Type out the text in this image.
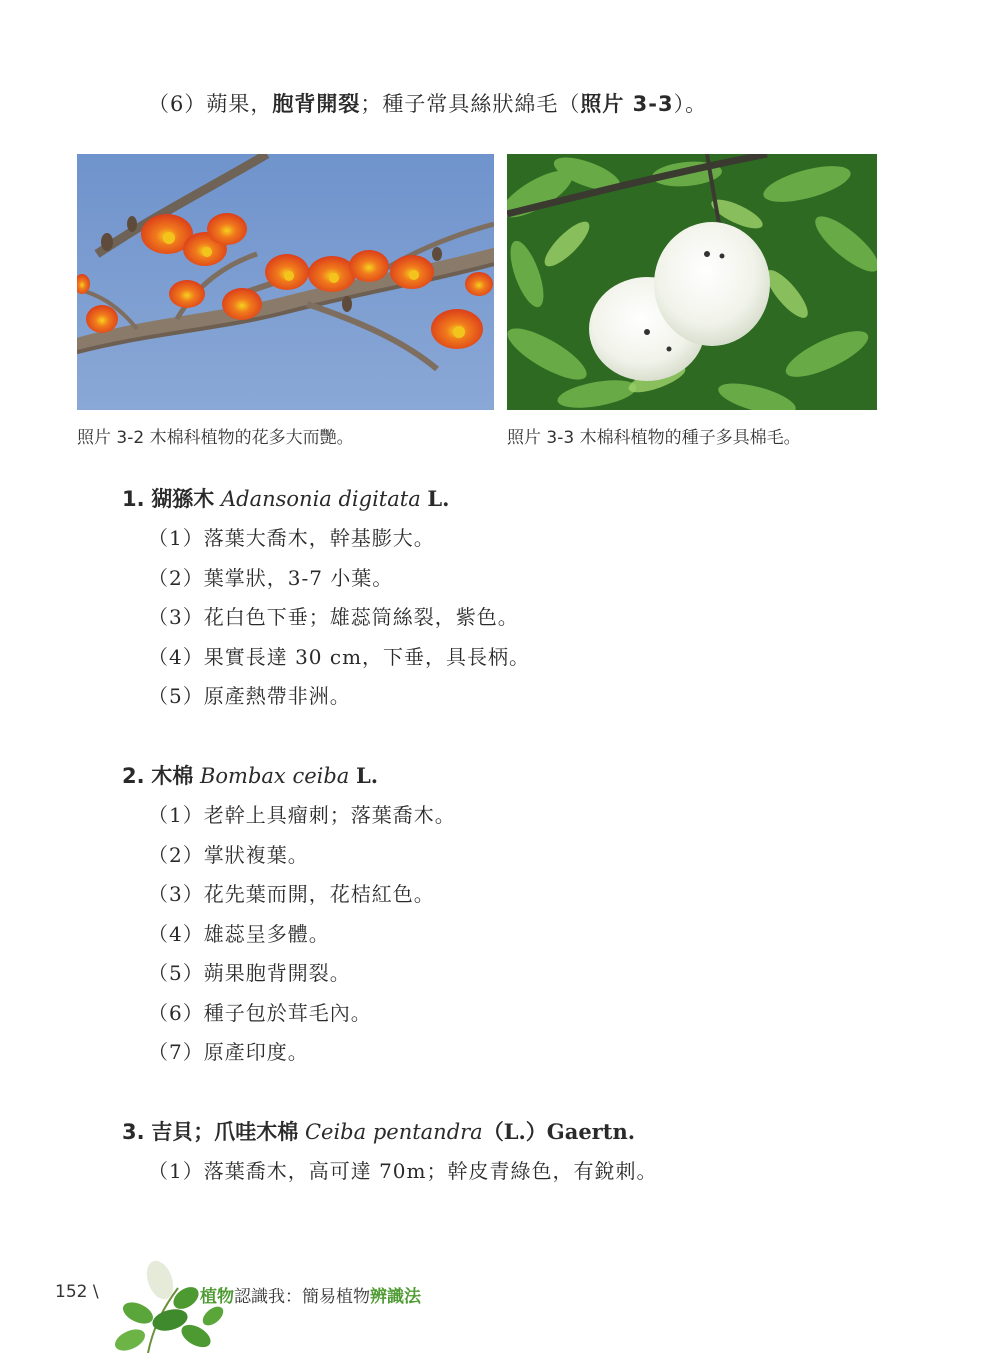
（6）蒴果，胞背開裂；種子常具絲狀綿毛（照片 3-3）。
照片 3-2 木棉科植物的花多大而艷。	照片 3-3 木棉科植物的種子多具棉毛。
1. 猢猻木 Adansonia digitata L.
（1）落葉大喬木，幹基膨大。
（2）葉掌狀，3-7 小葉。
（3）花白色下垂；雄蕊筒絲裂，紫色。
（4）果實長達 30 cm，下垂，具長柄。
（5）原產熱帶非洲。
2. 木棉 Bombax ceiba L.
（1）老幹上具瘤刺；落葉喬木。
（2）掌狀複葉。
（3）花先葉而開，花桔紅色。
（4）雄蕊呈多體。
（5）蒴果胞背開裂。
（6）種子包於茸毛內。
（7）原產印度。
3. 吉貝；爪哇木棉 Ceiba pentandra（L.）Gaertn.
（1）落葉喬木，高可達 70m；幹皮青綠色，有銳刺。
152 \	植物認識我：簡易植物辨識法
